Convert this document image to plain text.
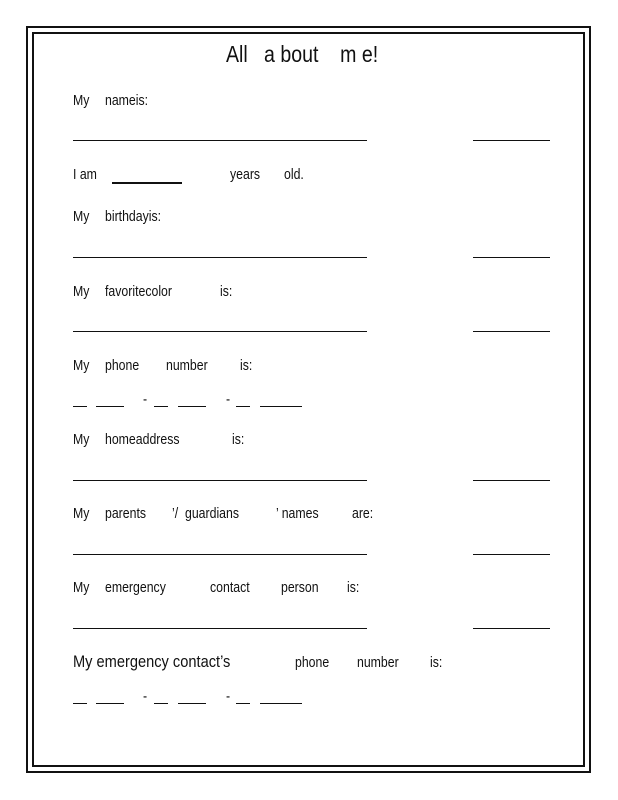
All   a bout    m e!
My nameis:
I am	years old.
My birthdayis:
My favoritecolor	is:
My phone number is:
-	-
My homeaddress	is:
My parents ’/  guardians ’ names are:
My emergency	contact person is:
My emergency contact’s	phone number is:
-	-
